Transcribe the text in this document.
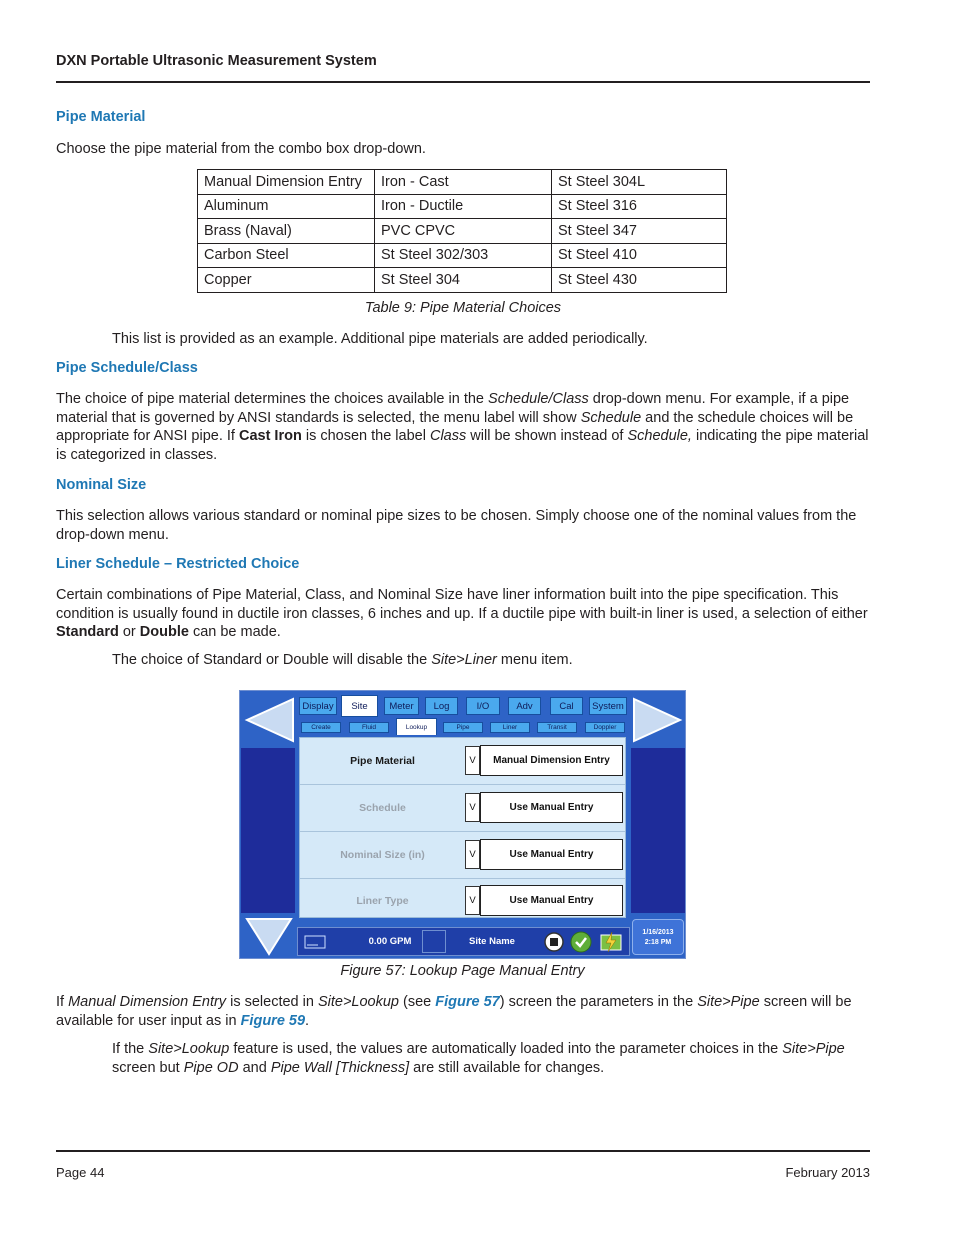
DXN Portable Ultrasonic Measurement System
Pipe Material
Choose the pipe material from the combo box drop-down.
Manual Dimension Entry	Iron - Cast	St Steel 304L
Aluminum	Iron - Ductile	St Steel 316
Brass (Naval)	PVC CPVC	St Steel 347
Carbon Steel	St Steel 302/303	St Steel 410
Copper	St Steel 304	St Steel 430
Table 9: Pipe Material Choices
This list is provided as an example. Additional pipe materials are added periodically.
Pipe Schedule/Class
The choice of pipe material determines the choices available in the Schedule/Class drop-down menu. For example, if a pipe material that is governed by ANSI standards is selected, the menu label will show Schedule and the schedule choices will be appropriate for ANSI pipe. If Cast Iron is chosen the label Class will be shown instead of Schedule, indicating the pipe material is categorized in classes.
Nominal Size
This selection allows various standard or nominal pipe sizes to be chosen. Simply choose one of the nominal values from the drop-down menu.
Liner Schedule – Restricted Choice
Certain combinations of Pipe Material, Class, and Nominal Size have liner information built into the pipe specification. This condition is usually found in ductile iron classes, 6 inches and up. If a ductile pipe with built-in liner is used, a selection of either Standard or Double can be made.
The choice of Standard or Double will disable the Site>Liner menu item.
Display	Site	Meter	Log	I/O	Adv	Cal	System
Create	Fluid	Lookup	Pipe	Liner	Transit	Doppler
Pipe Material	V	Manual Dimension Entry
Schedule	V	Use Manual Entry
Nominal Size (in)	V	Use Manual Entry
Liner Type	V	Use Manual Entry
0.00 GPM	Site Name
1/16/2013
2:18 PM
Figure 57: Lookup Page Manual Entry
If Manual Dimension Entry is selected in Site>Lookup (see Figure 57) screen the parameters in the Site>Pipe screen will be available for user input as in Figure 59.
If the Site>Lookup feature is used, the values are automatically loaded into the parameter choices in the Site>Pipe screen but Pipe OD and Pipe Wall [Thickness] are still available for changes.
Page 44	February 2013
